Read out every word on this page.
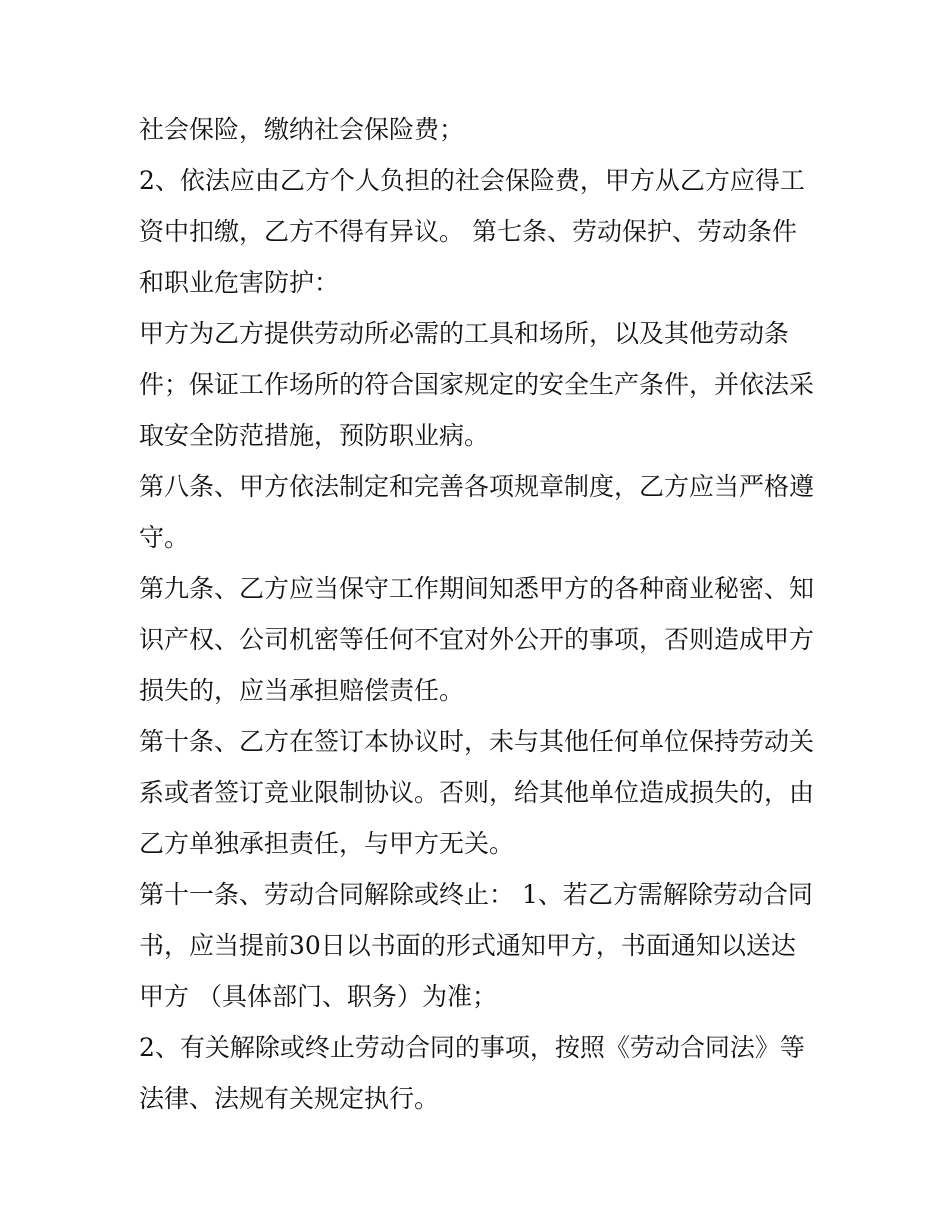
社会保险，缴纳社会保险费；

2、依法应由乙方个人负担的社会保险费，甲方从乙方应得工
资中扣缴，乙方不得有异议。 第七条、劳动保护、劳动条件
和职业危害防护：

甲方为乙方提供劳动所必需的工具和场所，以及其他劳动条
件；保证工作场所的符合国家规定的安全生产条件，并依法采
取安全防范措施，预防职业病。

第八条、甲方依法制定和完善各项规章制度，乙方应当严格遵
守。

第九条、乙方应当保守工作期间知悉甲方的各种商业秘密、知
识产权、公司机密等任何不宜对外公开的事项，否则造成甲方
损失的，应当承担赔偿责任。

第十条、乙方在签订本协议时，未与其他任何单位保持劳动关
系或者签订竞业限制协议。否则，给其他单位造成损失的，由
乙方单独承担责任，与甲方无关。

第十一条、劳动合同解除或终止： 1、若乙方需解除劳动合同
书，应当提前30日以书面的形式通知甲方，书面通知以送达
甲方 （具体部门、职务）为准；

2、有关解除或终止劳动合同的事项，按照《劳动合同法》等
法律、法规有关规定执行。
